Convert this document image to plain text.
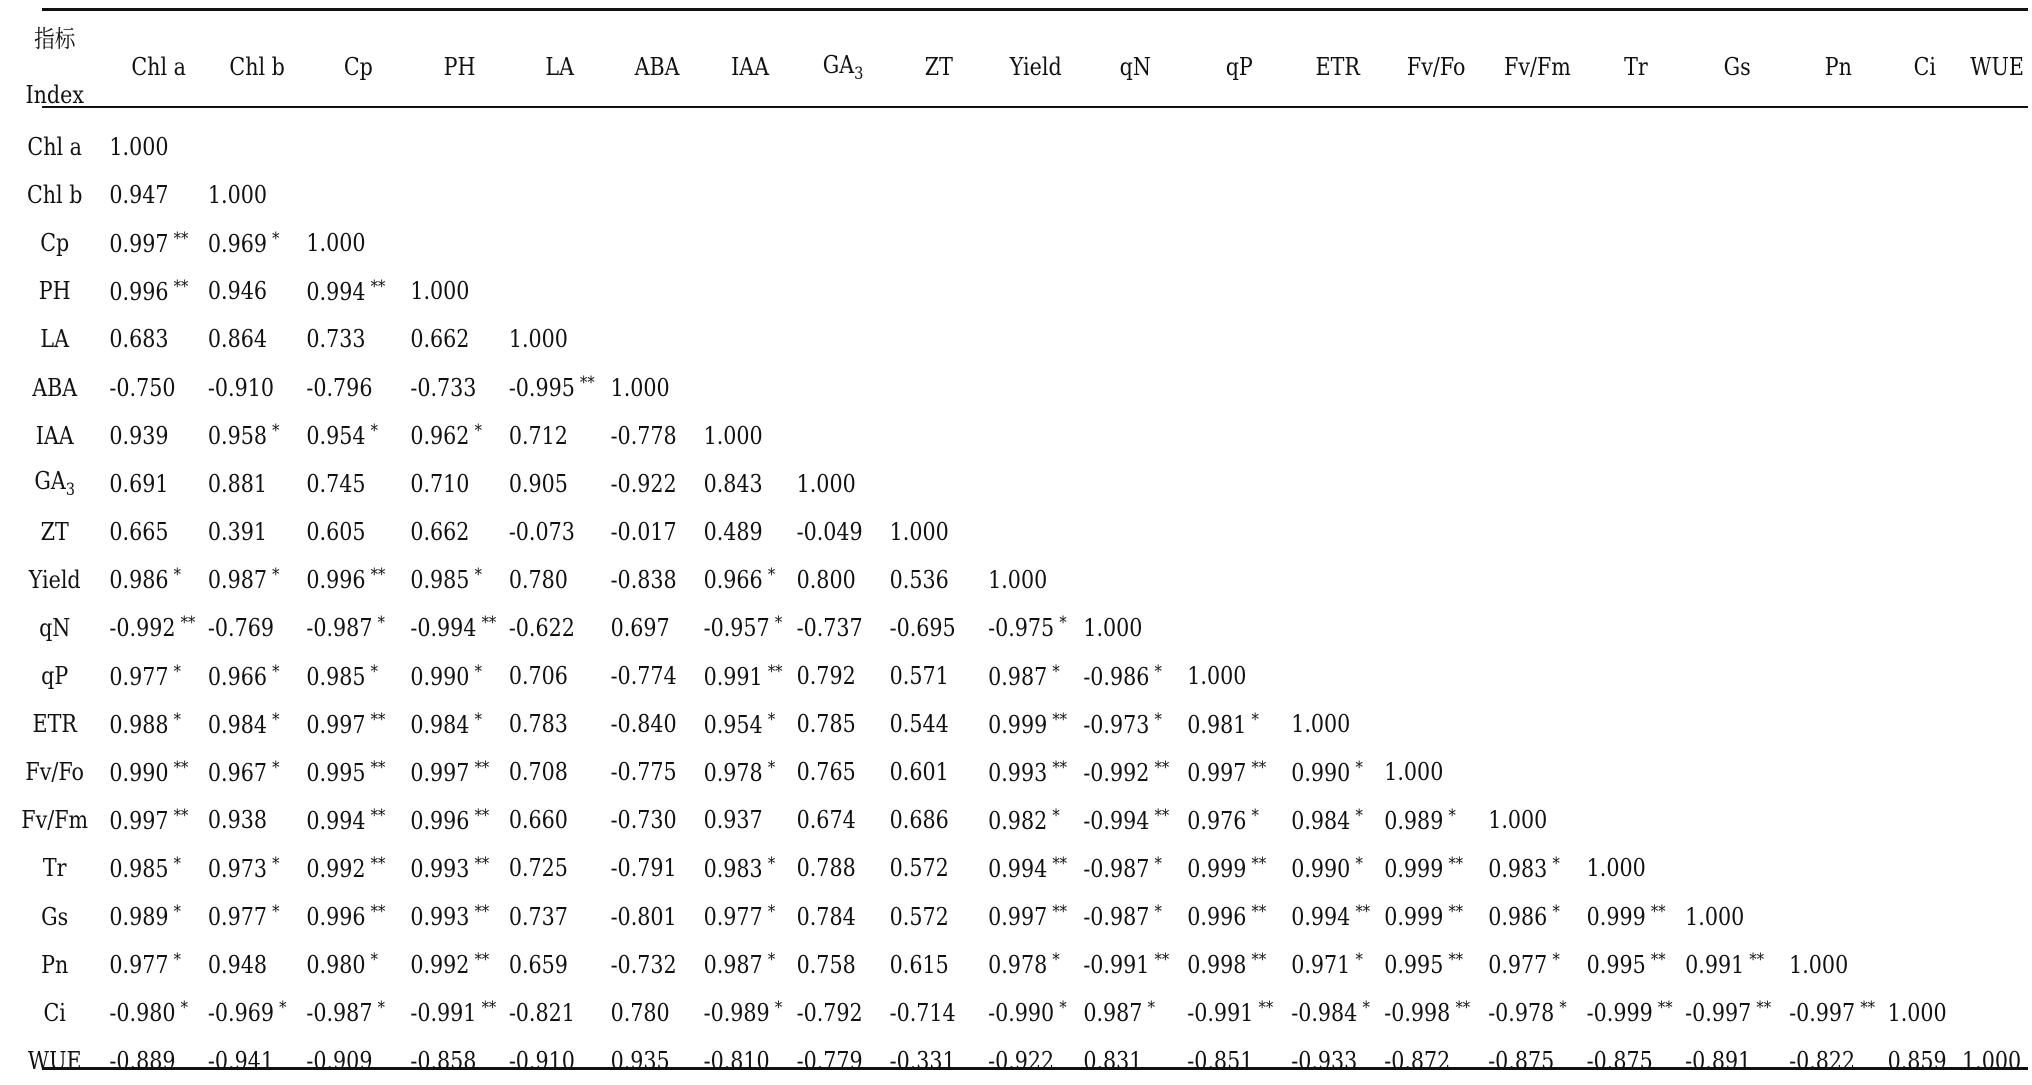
指标
Index	Chl a	Chl b	Cp	PH	LA	ABA	IAA	$GA_3$	ZT	Yield	qN	qP	ETR	Fv/Fo	Fv/Fm	Tr	Gs	Pn	Ci	WUE
Chl a	1.000																			
Chl b	0.947	1.000																		
Cp	0.997 **	0.969 *	1.000																	
PH	0.996 **	0.946	0.994 **	1.000																
LA	0.683	0.864	0.733	0.662	1.000															
ABA	-0.750	-0.910	-0.796	-0.733	-0.995 **	1.000														
IAA	0.939	0.958 *	0.954 *	0.962 *	0.712	-0.778	1.000													
$GA_3$	0.691	0.881	0.745	0.710	0.905	-0.922	0.843	1.000												
ZT	0.665	0.391	0.605	0.662	-0.073	-0.017	0.489	-0.049	1.000											
Yield	0.986 *	0.987 *	0.996 **	0.985 *	0.780	-0.838	0.966 *	0.800	0.536	1.000										
qN	-0.992 **	-0.769	-0.987 *	-0.994 **	-0.622	0.697	-0.957 *	-0.737	-0.695	-0.975 *	1.000									
qP	0.977 *	0.966 *	0.985 *	0.990 *	0.706	-0.774	0.991 **	0.792	0.571	0.987 *	-0.986 *	1.000								
ETR	0.988 *	0.984 *	0.997 **	0.984 *	0.783	-0.840	0.954 *	0.785	0.544	0.999 **	-0.973 *	0.981 *	1.000							
Fv/Fo	0.990 **	0.967 *	0.995 **	0.997 **	0.708	-0.775	0.978 *	0.765	0.601	0.993 **	-0.992 **	0.997 **	0.990 *	1.000						
Fv/Fm	0.997 **	0.938	0.994 **	0.996 **	0.660	-0.730	0.937	0.674	0.686	0.982 *	-0.994 **	0.976 *	0.984 *	0.989 *	1.000					
Tr	0.985 *	0.973 *	0.992 **	0.993 **	0.725	-0.791	0.983 *	0.788	0.572	0.994 **	-0.987 *	0.999 **	0.990 *	0.999 **	0.983 *	1.000				
Gs	0.989 *	0.977 *	0.996 **	0.993 **	0.737	-0.801	0.977 *	0.784	0.572	0.997 **	-0.987 *	0.996 **	0.994 **	0.999 **	0.986 *	0.999 **	1.000			
Pn	0.977 *	0.948	0.980 *	0.992 **	0.659	-0.732	0.987 *	0.758	0.615	0.978 *	-0.991 **	0.998 **	0.971 *	0.995 **	0.977 *	0.995 **	0.991 **	1.000		
Ci	-0.980 *	-0.969 *	-0.987 *	-0.991 **	-0.821	0.780	-0.989 *	-0.792	-0.714	-0.990 *	0.987 *	-0.991 **	-0.984 *	-0.998 **	-0.978 *	-0.999 **	-0.997 **	-0.997 **	1.000	
WUE	-0.889	-0.941	-0.909	-0.858	-0.910	0.935	-0.810	-0.779	-0.331	-0.922	0.831	-0.851	-0.933	-0.872	-0.875	-0.875	-0.891	-0.822	0.859	1.000
